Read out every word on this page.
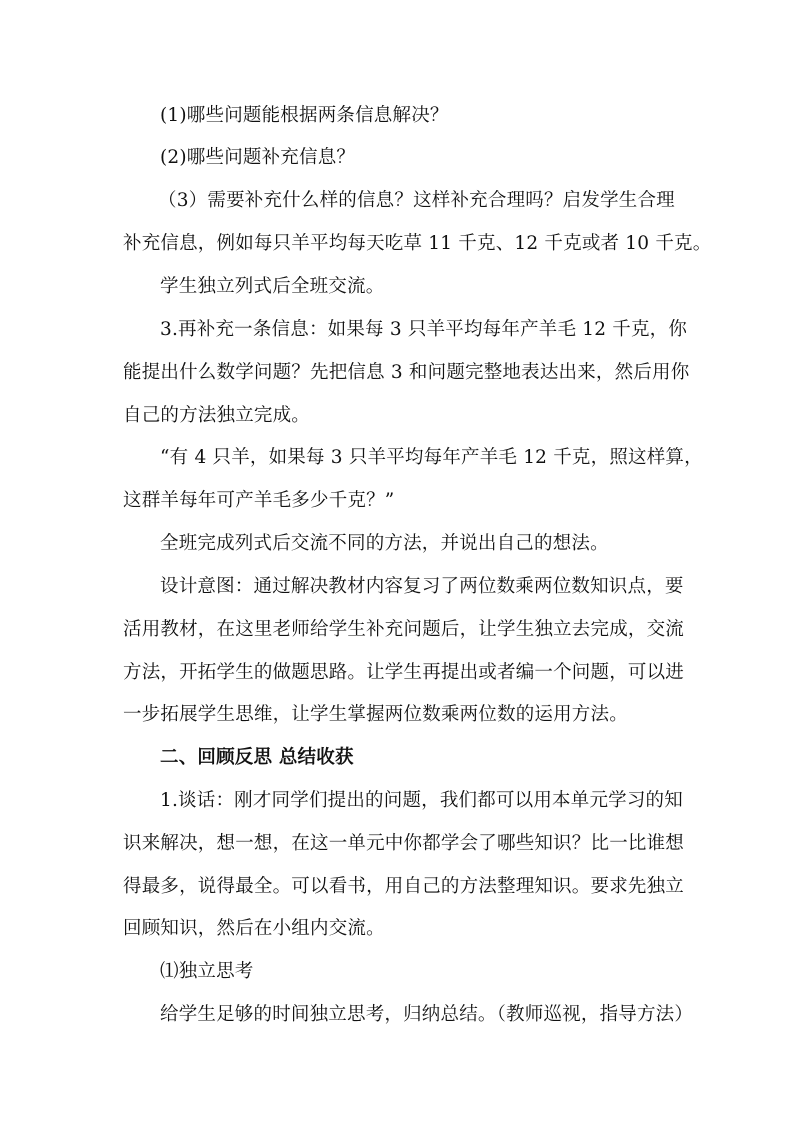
(1)哪些问题能根据两条信息解决？
(2)哪些问题补充信息？
（3）需要补充什么样的信息？这样补充合理吗？启发学生合理
补充信息，例如每只羊平均每天吃草 11 千克、12 千克或者 10 千克。
学生独立列式后全班交流。
3.再补充一条信息：如果每 3 只羊平均每年产羊毛 12 千克，你
能提出什么数学问题？先把信息 3 和问题完整地表达出来，然后用你
自己的方法独立完成。
“有 4 只羊，如果每 3 只羊平均每年产羊毛 12 千克，照这样算，
这群羊每年可产羊毛多少千克？”
全班完成列式后交流不同的方法，并说出自己的想法。
设计意图：通过解决教材内容复习了两位数乘两位数知识点，要
活用教材，在这里老师给学生补充问题后，让学生独立去完成，交流
方法，开拓学生的做题思路。让学生再提出或者编一个问题，可以进
一步拓展学生思维，让学生掌握两位数乘两位数的运用方法。
二、回顾反思 总结收获
1.谈话：刚才同学们提出的问题，我们都可以用本单元学习的知
识来解决，想一想，在这一单元中你都学会了哪些知识？比一比谁想
得最多，说得最全。可以看书，用自己的方法整理知识。要求先独立
回顾知识，然后在小组内交流。
⑴独立思考
给学生足够的时间独立思考，归纳总结。（教师巡视，指导方法）
